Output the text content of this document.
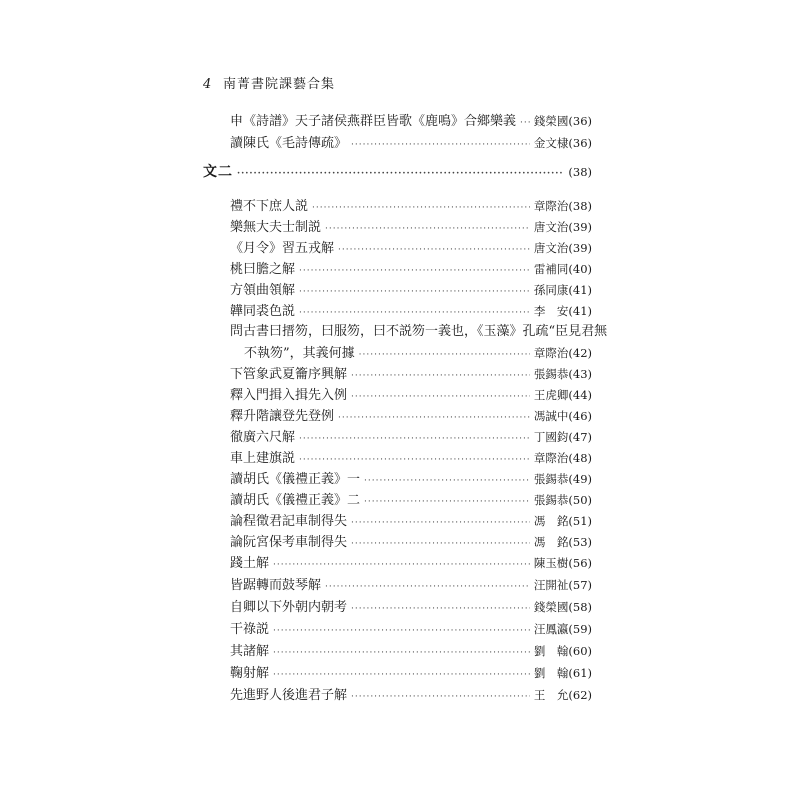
4 南菁書院課藝合集
申《詩譜》天子諸侯燕群臣皆歌《鹿鳴》合鄉樂義 ····· 錢榮國 (36)
讀陳氏《毛詩傳疏》 ·····	金文棣 (36)
文二 ·····	(38)
禮不下庶人説 ·····	章際治 (38)
樂無大夫士制説 ·····	唐文治 (39)
《月令》習五戎解 ·····	唐文治 (39)
桃曰膽之解 ·····	雷補同 (40)
方領曲領解 ·····	孫同康 (41)
韡同裘色説 ·····	李　安 (41)
問古書曰搢笏，曰服笏，曰不説笏一義也，《玉藻》孔疏“臣見君無
不執笏”，其義何據 ·····	章際治 (42)
下管象武夏籥序興解 ·····	張錫恭 (43)
釋入門揖入揖先入例 ·····	王虎卿 (44)
釋升階讓登先登例 ·····	馮誠中 (46)
徹廣六尺解 ·····	丁國鈞 (47)
車上建旗説 ·····	章際治 (48)
讀胡氏《儀禮正義》一 ·····	張錫恭 (49)
讀胡氏《儀禮正義》二 ·····	張錫恭 (50)
論程徵君記車制得失 ·····	馮　銘 (51)
論阮宮保考車制得失 ·····	馮　銘 (53)
踐土解 ·····	陳玉樹 (56)
皆踞轉而鼓琴解 ·····	汪開祉 (57)
自卿以下外朝内朝考 ·····	錢榮國 (58)
干祿説 ·····	汪鳳瀛 (59)
其諸解 ·····	劉　翰 (60)
鞠射解 ·····	劉　翰 (61)
先進野人後進君子解 ·····	王　允 (62)
